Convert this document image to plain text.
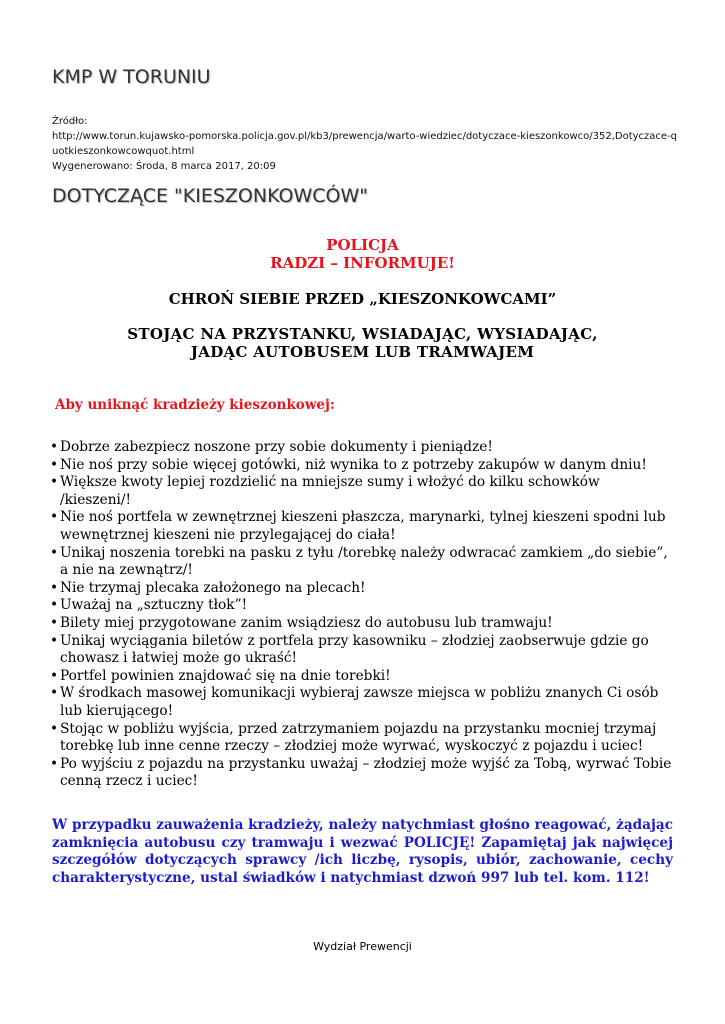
KMP W TORUNIU
Źródło:

http://www.torun.kujawsko-pomorska.policja.gov.pl/kb3/prewencja/warto-wiedziec/dotyczace-kieszonkowco/352,Dotyczace-quotkieszonkowcowquot.html
Wygenerowano: Środa, 8 marca 2017, 20:09
DOTYCZĄCE "KIESZONKOWCÓW"
POLICJA
RADZI – INFORMUJE!
CHROŃ SIEBIE PRZED „KIESZONKOWCAMI”
STOJĄC NA PRZYSTANKU, WSIADAJĄC, WYSIADAJĄC,
JADĄC AUTOBUSEM LUB TRAMWAJEM
Aby uniknąć kradzieży kieszonkowej:
• Dobrze zabezpiecz noszone przy sobie dokumenty i pieniądze!
• Nie noś przy sobie więcej gotówki, niż wynika to z potrzeby zakupów w danym dniu!
• Większe kwoty lepiej rozdzielić na mniejsze sumy i włożyć do kilku schowków /kieszeni/!
• Nie noś portfela w zewnętrznej kieszeni płaszcza, marynarki, tylnej kieszeni spodni lub wewnętrznej kieszeni nie przylegającej do ciała!
• Unikaj noszenia torebki na pasku z tyłu /torebkę należy odwracać zamkiem „do siebie”, a nie na zewnątrz/!
• Nie trzymaj plecaka założonego na plecach!
• Uważaj na „sztuczny tłok”!
• Bilety miej przygotowane zanim wsiądziesz do autobusu lub tramwaju!
• Unikaj wyciągania biletów z portfela przy kasowniku – złodziej zaobserwuje gdzie go chowasz i łatwiej może go ukraść!
• Portfel powinien znajdować się na dnie torebki!
• W środkach masowej komunikacji wybieraj zawsze miejsca w pobliżu znanych Ci osób lub kierującego!
• Stojąc w pobliżu wyjścia, przed zatrzymaniem pojazdu na przystanku mocniej trzymaj torebkę lub inne cenne rzeczy – złodziej może wyrwać, wyskoczyć z pojazdu i uciec!
• Po wyjściu z pojazdu na przystanku uważaj – złodziej może wyjść za Tobą, wyrwać Tobie cenną rzecz i uciec!
W przypadku zauważenia kradzieży, należy natychmiast głośno reagować, żądając zamknięcia autobusu czy tramwaju i wezwać POLICJĘ! Zapamiętaj jak najwięcej szczegółów dotyczących sprawcy /ich liczbę, rysopis, ubiór, zachowanie, cechy charakterystyczne, ustal świadków i natychmiast dzwoń 997 lub tel. kom. 112!
Wydział Prewencji
